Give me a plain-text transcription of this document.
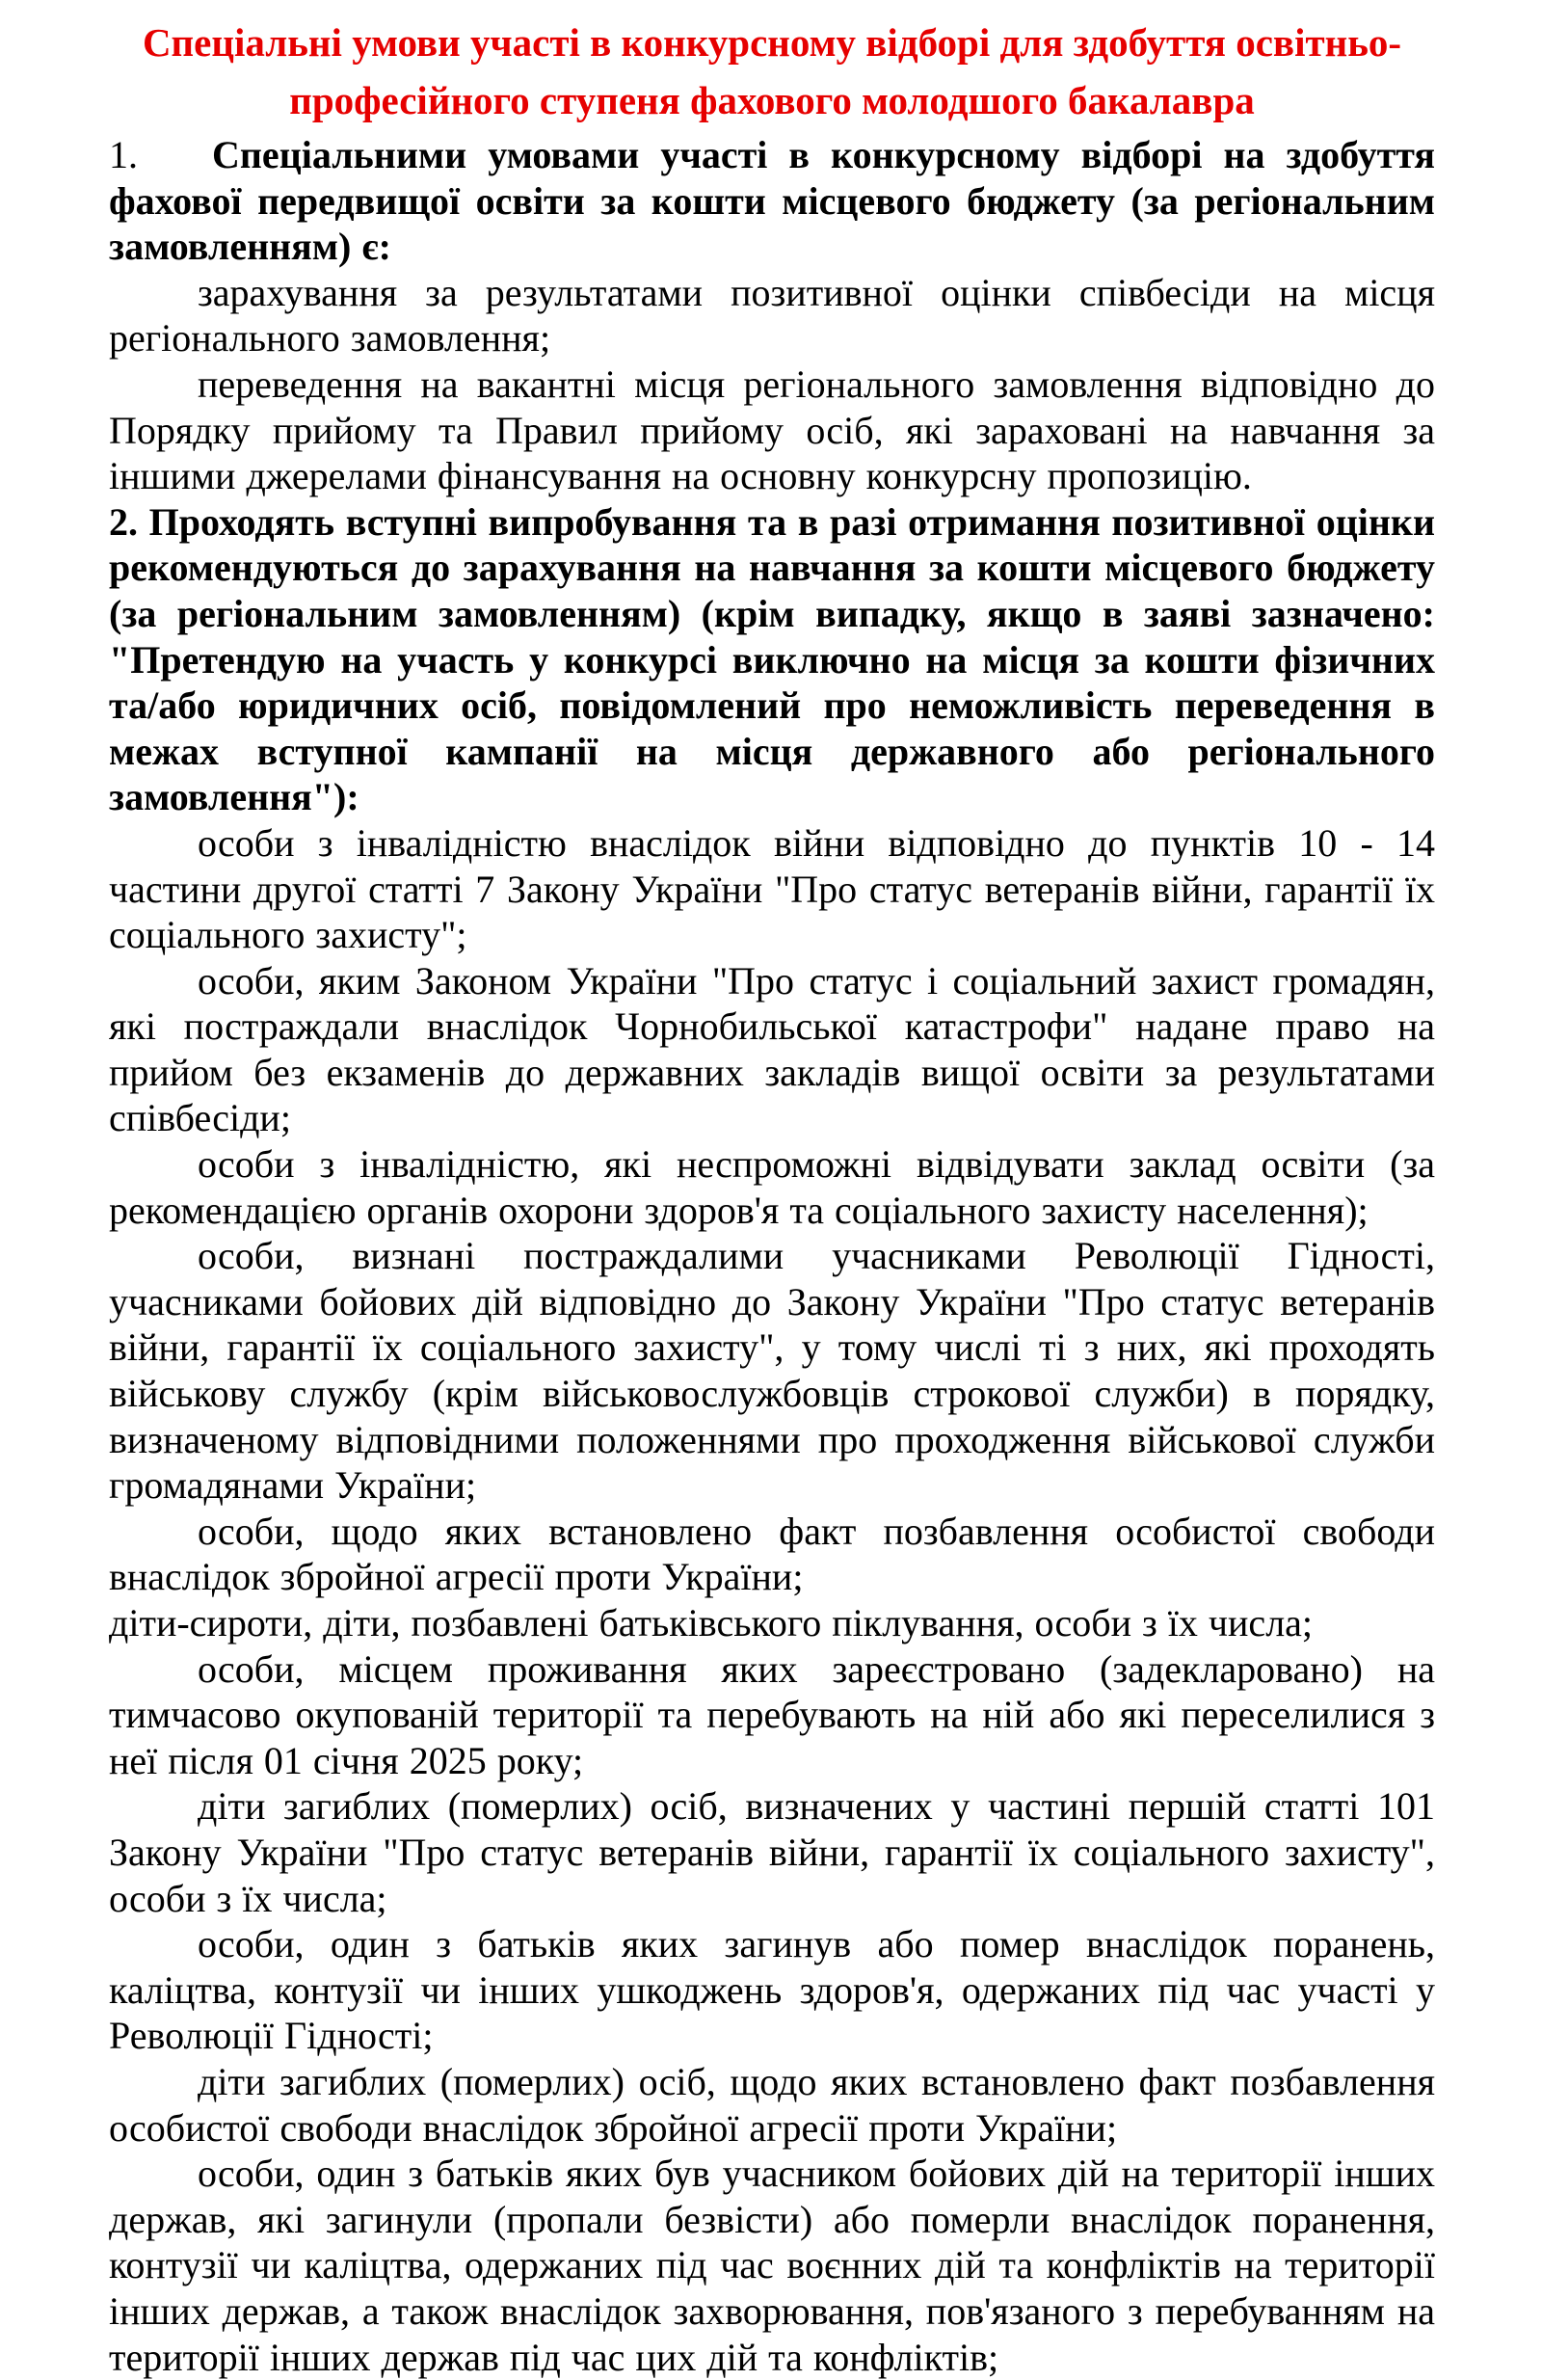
Спеціальні умови участі в конкурсному відборі для здобуття освітньо-професійного ступеня фахового молодшого бакалавра

1. Спеціальними умовами участі в конкурсному відборі на здобуття фахової передвищої освіти за кошти місцевого бюджету (за регіональним замовленням) є:

зарахування за результатами позитивної оцінки співбесіди на місця регіонального замовлення;

переведення на вакантні місця регіонального замовлення відповідно до Порядку прийому та Правил прийому осіб, які зараховані на навчання за іншими джерелами фінансування на основну конкурсну пропозицію.

2. Проходять вступні випробування та в разі отримання позитивної оцінки рекомендуються до зарахування на навчання за кошти місцевого бюджету (за регіональним замовленням) (крім випадку, якщо в заяві зазначено: "Претендую на участь у конкурсі виключно на місця за кошти фізичних та/або юридичних осіб, повідомлений про неможливість переведення в межах вступної кампанії на місця державного або регіонального замовлення"):

особи з інвалідністю внаслідок війни відповідно до пунктів 10 - 14 частини другої статті 7 Закону України "Про статус ветеранів війни, гарантії їх соціального захисту";

особи, яким Законом України "Про статус і соціальний захист громадян, які постраждали внаслідок Чорнобильської катастрофи" надане право на прийом без екзаменів до державних закладів вищої освіти за результатами співбесіди;

особи з інвалідністю, які неспроможні відвідувати заклад освіти (за рекомендацією органів охорони здоров'я та соціального захисту населення);

особи, визнані постраждалими учасниками Революції Гідності, учасниками бойових дій відповідно до Закону України "Про статус ветеранів війни, гарантії їх соціального захисту", у тому числі ті з них, які проходять військову службу (крім військовослужбовців строкової служби) в порядку, визначеному відповідними положеннями про проходження військової служби громадянами України;

особи, щодо яких встановлено факт позбавлення особистої свободи внаслідок збройної агресії проти України;

діти-сироти, діти, позбавлені батьківського піклування, особи з їх числа;

особи, місцем проживання яких зареєстровано (задекларовано) на тимчасово окупованій території та перебувають на ній або які переселилися з неї після 01 січня 2025 року;

діти загиблих (померлих) осіб, визначених у частині першій статті 101 Закону України "Про статус ветеранів війни, гарантії їх соціального захисту", особи з їх числа;

особи, один з батьків яких загинув або помер внаслідок поранень, каліцтва, контузії чи інших ушкоджень здоров'я, одержаних під час участі у Революції Гідності;

діти загиблих (померлих) осіб, щодо яких встановлено факт позбавлення особистої свободи внаслідок збройної агресії проти України;

особи, один з батьків яких був учасником бойових дій на території інших держав, які загинули (пропали безвісти) або померли внаслідок поранення, контузії чи каліцтва, одержаних під час воєнних дій та конфліктів на території інших держав, а також внаслідок захворювання, пов'язаного з перебуванням на території інших держав під час цих дій та конфліктів;
